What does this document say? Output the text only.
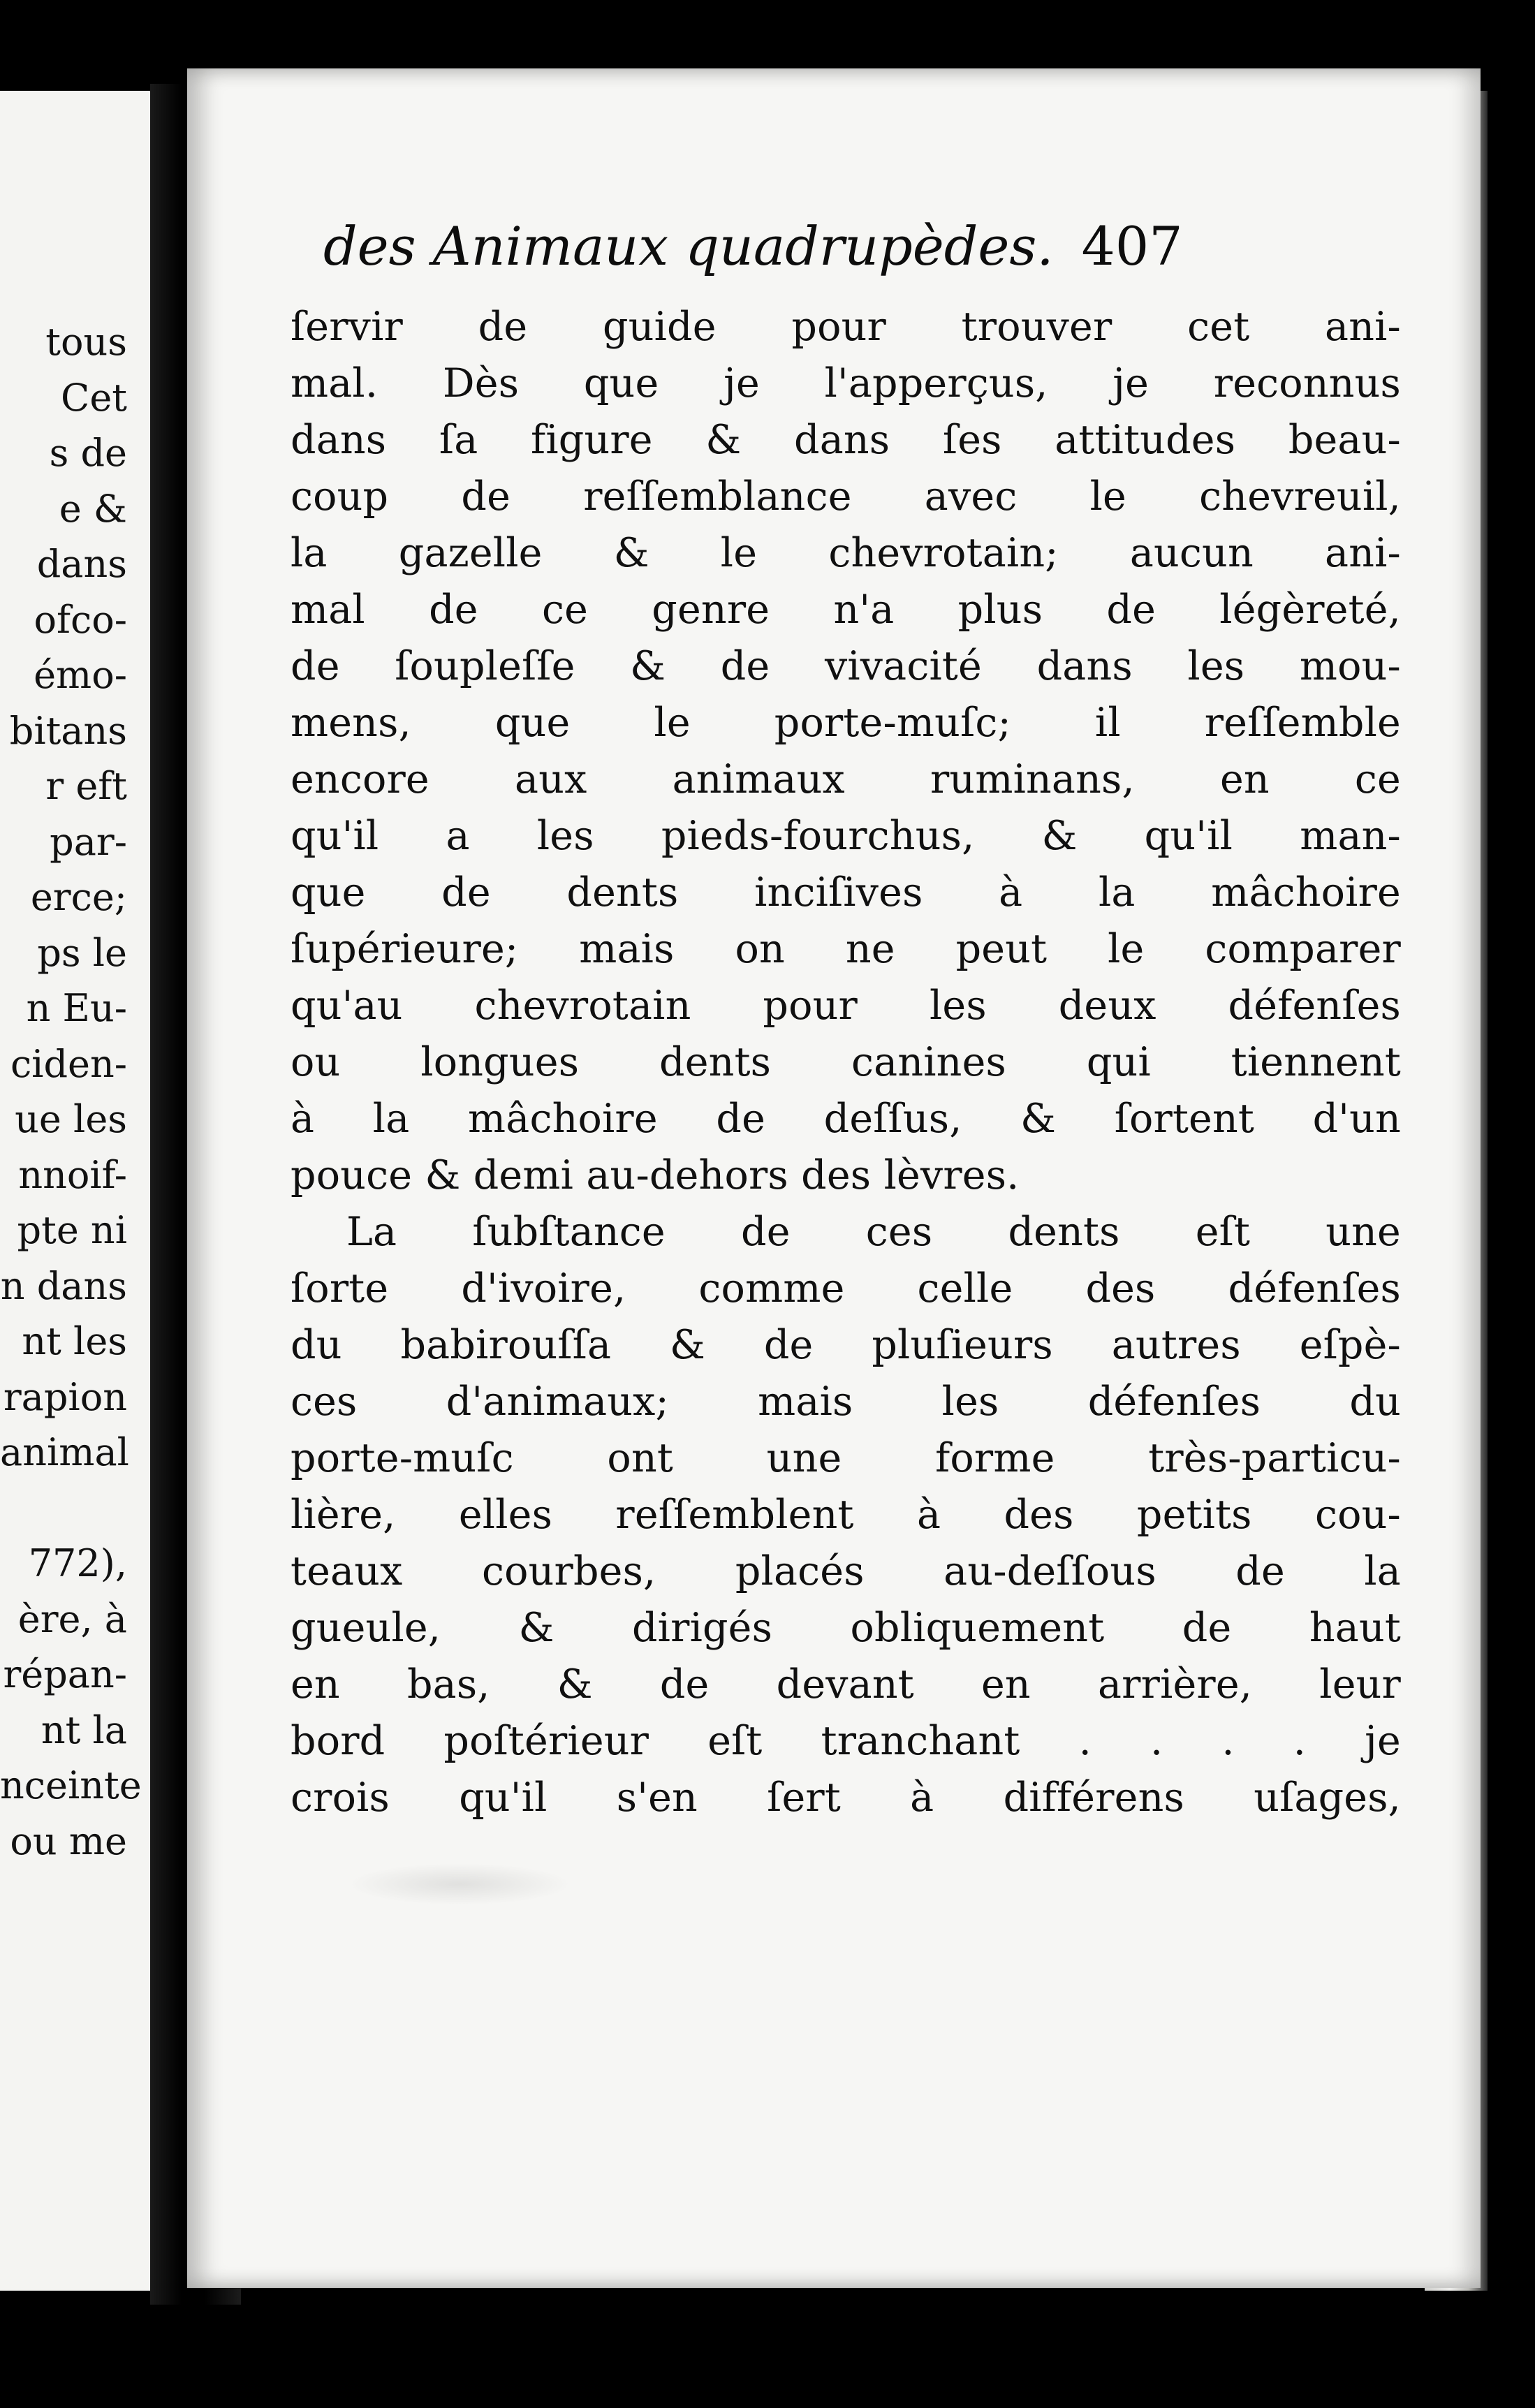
tous
Cet
s de
e &
dans
ofco-
émo-
bitans
r eft
par-
erce;
ps le
n Eu-
ciden-
ue les
nnoif-
pte ni
n dans
nt les
rapion
animal

772),
ère, à
répan-
nt la
nceinte
ou me
des Animaux quadrupèdes. 407
ſervir de guide pour trouver cet ani-
mal. Dès que je l'apperçus, je reconnus
dans ſa figure & dans ſes attitudes beau-
coup de reſſemblance avec le chevreuil,
la gazelle & le chevrotain; aucun ani-
mal de ce genre n'a plus de légèreté,
de ſoupleſſe & de vivacité dans les mou-
mens, que le porte-muſc; il reſſemble
encore aux animaux ruminans, en ce
qu'il a les pieds-fourchus, & qu'il man-
que de dents inciſives à la mâchoire
ſupérieure; mais on ne peut le comparer
qu'au chevrotain pour les deux défenſes
ou longues dents canines qui tiennent
à la mâchoire de deſſus, & ſortent d'un
pouce & demi au-dehors des lèvres.
La ſubſtance de ces dents eſt une
ſorte d'ivoire, comme celle des défenſes
du babirouſſa & de pluſieurs autres eſpè-
ces d'animaux; mais les défenſes du
porte-muſc ont une forme très-particu-
lière, elles reſſemblent à des petits cou-
teaux courbes, placés au-deſſous de la
gueule, & dirigés obliquement de haut
en bas, & de devant en arrière, leur
bord poſtérieur eſt tranchant . . . . je
crois qu'il s'en ſert à différens uſages,
